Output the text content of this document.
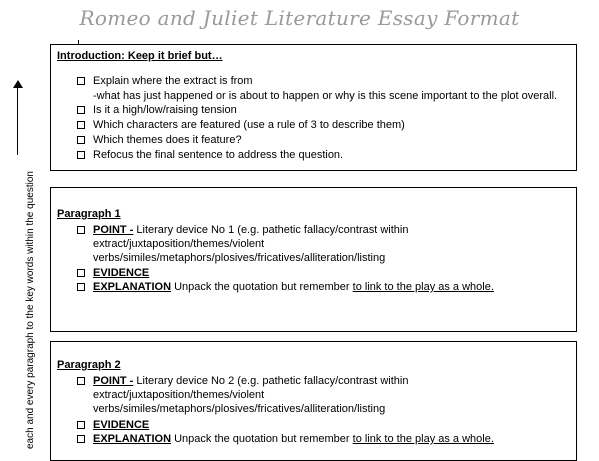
Romeo and Juliet Literature Essay Format
each and every paragraph to the key words within the question
Introduction: Keep it brief but…
Explain where the extract is from
-what has just happened or is about to happen or why is this scene important to the plot overall.
Is it a high/low/raising tension
Which characters are featured (use a rule of 3 to describe them)
Which themes does it feature?
Refocus the final sentence to address the question.
Paragraph 1
POINT - Literary device No 1 (e.g. pathetic fallacy/contrast within
extract/juxtaposition/themes/violent
verbs/similes/metaphors/plosives/fricatives/alliteration/listing
EVIDENCE
EXPLANATION Unpack the quotation but remember to link to the play as a whole.
Paragraph 2
POINT - Literary device No 2 (e.g. pathetic fallacy/contrast within
extract/juxtaposition/themes/violent
verbs/similes/metaphors/plosives/fricatives/alliteration/listing
EVIDENCE
EXPLANATION Unpack the quotation but remember to link to the play as a whole.
